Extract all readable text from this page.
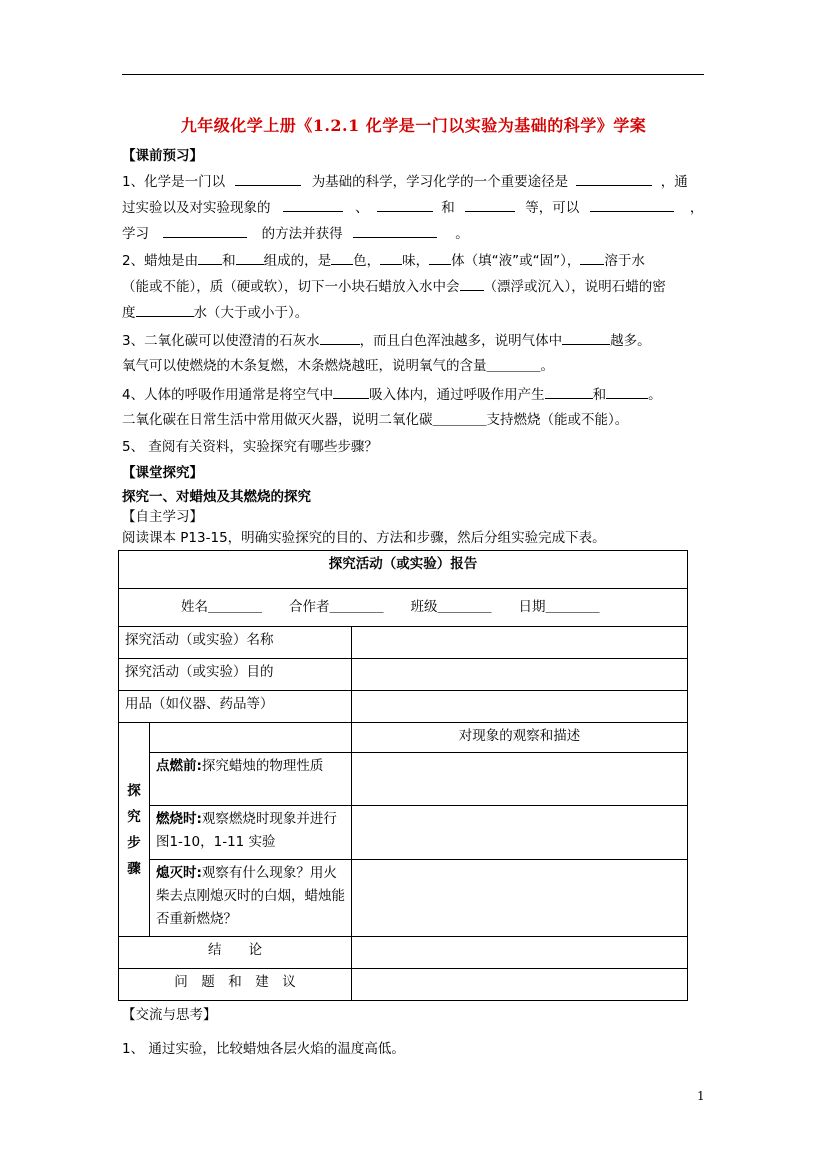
九年级化学上册《1.2.1 化学是一门以实验为基础的科学》学案
【课前预习】
1、化学是一门以	为基础的科学，学习化学的一个重要途径是	，通
过实验以及对实验现象的	、	和	等，可以	，
学习	的方法并获得	。
2、蜡烛是由 和 组成的，是 色， 味， 体（填“液”或“固”）， 溶于水
（能或不能），质（硬或软），切下一小块石蜡放入水中会 （漂浮或沉入），说明石蜡的密
度	水（大于或小于）。
3、二氧化碳可以使澄清的石灰水	，而且白色浑浊越多，说明气体中	越多。
氧气可以使燃烧的木条复燃，木条燃烧越旺，说明氧气的含量＿＿＿＿。
4、人体的呼吸作用通常是将空气中	吸入体内，通过呼吸作用产生	和	。
二氧化碳在日常生活中常用做灭火器，说明二氧化碳＿＿＿＿支持燃烧（能或不能）。
5、 查阅有关资料，实验探究有哪些步骤？
【课堂探究】
探究一、对蜡烛及其燃烧的探究
【自主学习】
阅读课本 P13-15，明确实验探究的目的、方法和步骤，然后分组实验完成下表。
探究活动（或实验）报告		
姓名＿＿＿＿　　合作者＿＿＿＿　　班级＿＿＿＿　　日期＿＿＿＿		
探究活动（或实验）名称		
探究活动（或实验）目的		
用品（如仪器、药品等）		
探
究
步
骤		对现象的观察和描述
	点燃前:探究蜡烛的物理性质	
	燃烧时:观察燃烧时现象并进行图1-10，1-11 实验	
	熄灭时:观察有什么现象？用火柴去点刚熄灭时的白烟，蜡烛能否重新燃烧？	
结　　论		
问　题　和　建　议		
【交流与思考】
1、 通过实验，比较蜡烛各层火焰的温度高低。
1
